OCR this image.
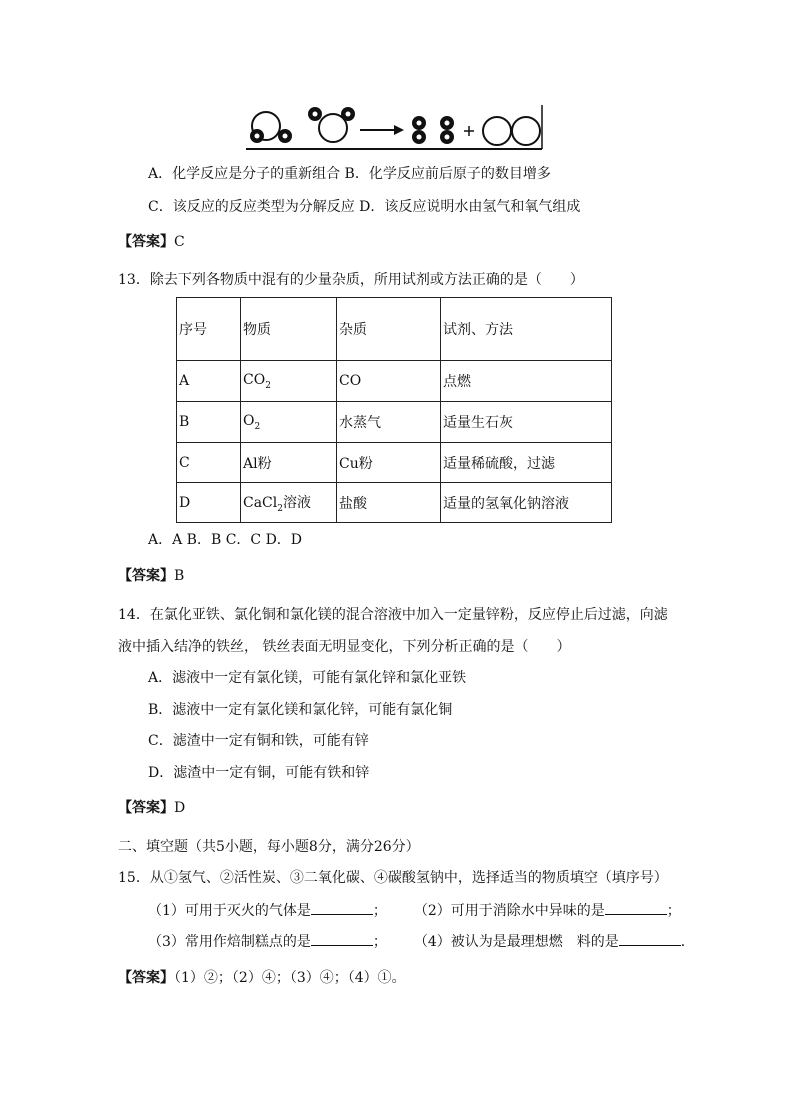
A．化学反应是分子的重新组合 B．化学反应前后原子的数目增多
C．该反应的反应类型为分解反应 D．该反应说明水由氢气和氧气组成
【答案】C
13．除去下列各物质中混有的少量杂质，所用试剂或方法正确的是（　　）
序号	物质	杂质	试剂、方法
A	$CO_2$	CO	点燃
B	$O_2$	水蒸气	适量生石灰
C	Al粉	Cu粉	适量稀硫酸，过滤
D	CaCl$_2$溶液	盐酸	适量的氢氧化钠溶液
A．A B．B C．C D．D
【答案】B
14．在氯化亚铁、氯化铜和氯化镁的混合溶液中加入一定量锌粉，反应停止后过滤，向滤
液中插入结净的铁丝， 铁丝表面无明显变化，下列分析正确的是（　　）
A．滤液中一定有氯化镁，可能有氯化锌和氯化亚铁
B．滤液中一定有氯化镁和氯化锌，可能有氯化铜
C．滤渣中一定有铜和铁，可能有锌
D．滤渣中一定有铜，可能有铁和锌
【答案】D
二、填空题（共5小题，每小题8分，满分26分）
15．从①氢气、②活性炭、③二氧化碳、④碳酸氢钠中，选择适当的物质填空（填序号）
（1）可用于灭火的气体是	； （2）可用于消除水中异味的是	；
（3）常用作焙制糕点的是	； （4）被认为是最理想燃　料的是	．
【答案】（1）②；（2）④；（3）④；（4）①。
